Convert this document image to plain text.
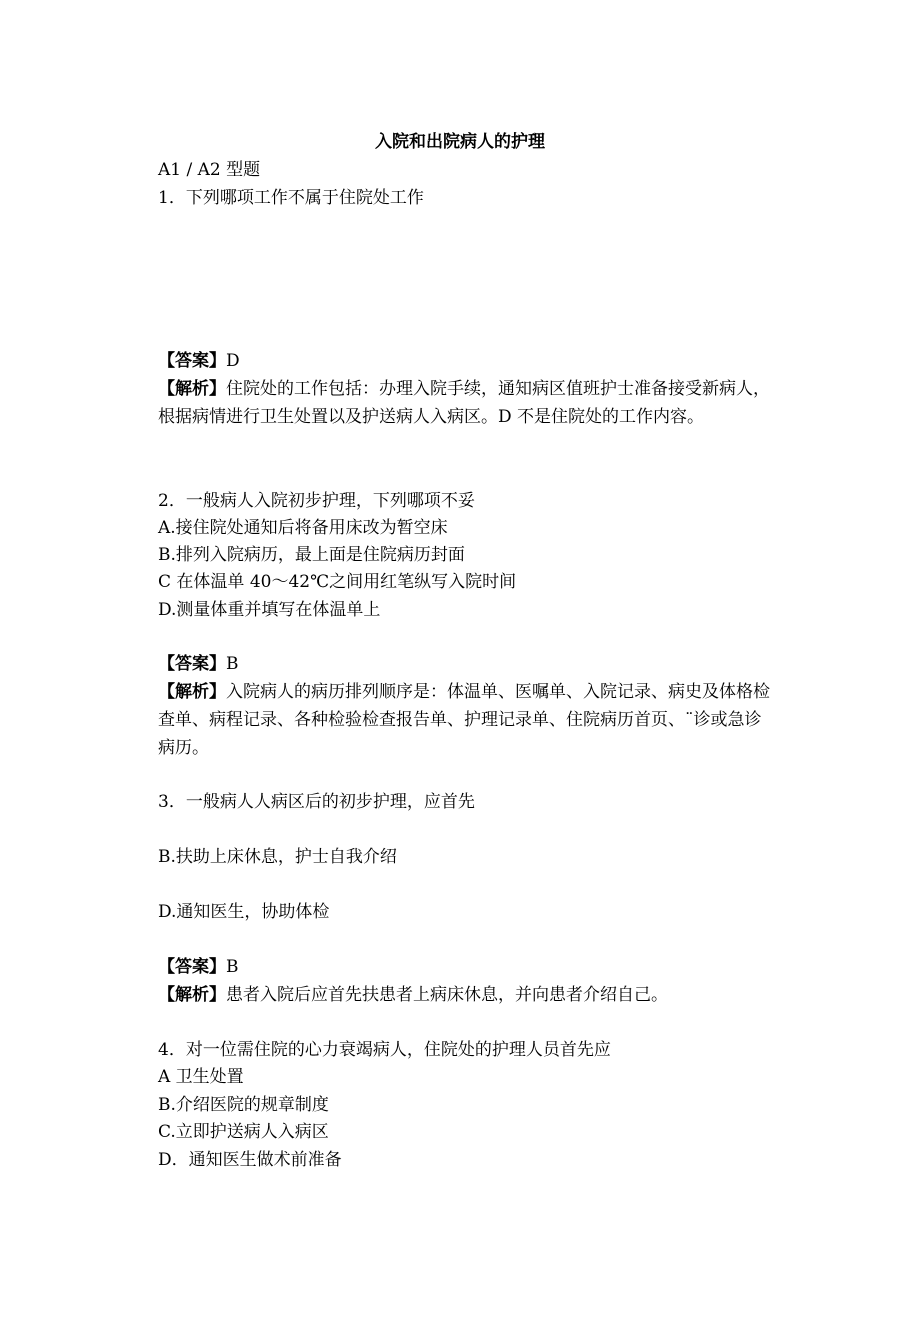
入院和出院病人的护理
A1 / A2 型题
1．下列哪项工作不属于住院处工作
【答案】D
【解析】住院处的工作包括：办理入院手续，通知病区值班护士准备接受新病人，根据病情进行卫生处置以及护送病人入病区。D 不是住院处的工作内容。
2．一般病人入院初步护理，下列哪项不妥
A.接住院处通知后将备用床改为暂空床
B.排列入院病历，最上面是住院病历封面
C 在体温单 40～42℃之间用红笔纵写入院时间
D.测量体重并填写在体温单上
【答案】B
【解析】入院病人的病历排列顺序是：体温单、医嘱单、入院记录、病史及体格检查单、病程记录、各种检验检查报告单、护理记录单、住院病历首页、¨诊或急诊病历。
3．一般病人人病区后的初步护理，应首先
B.扶助上床休息，护士自我介绍
D.通知医生，协助体检
【答案】B
【解析】患者入院后应首先扶患者上病床休息，并向患者介绍自己。
4．对一位需住院的心力衰竭病人，住院处的护理人员首先应
A 卫生处置
B.介绍医院的规章制度
C.立即护送病人入病区
D．通知医生做术前准备
